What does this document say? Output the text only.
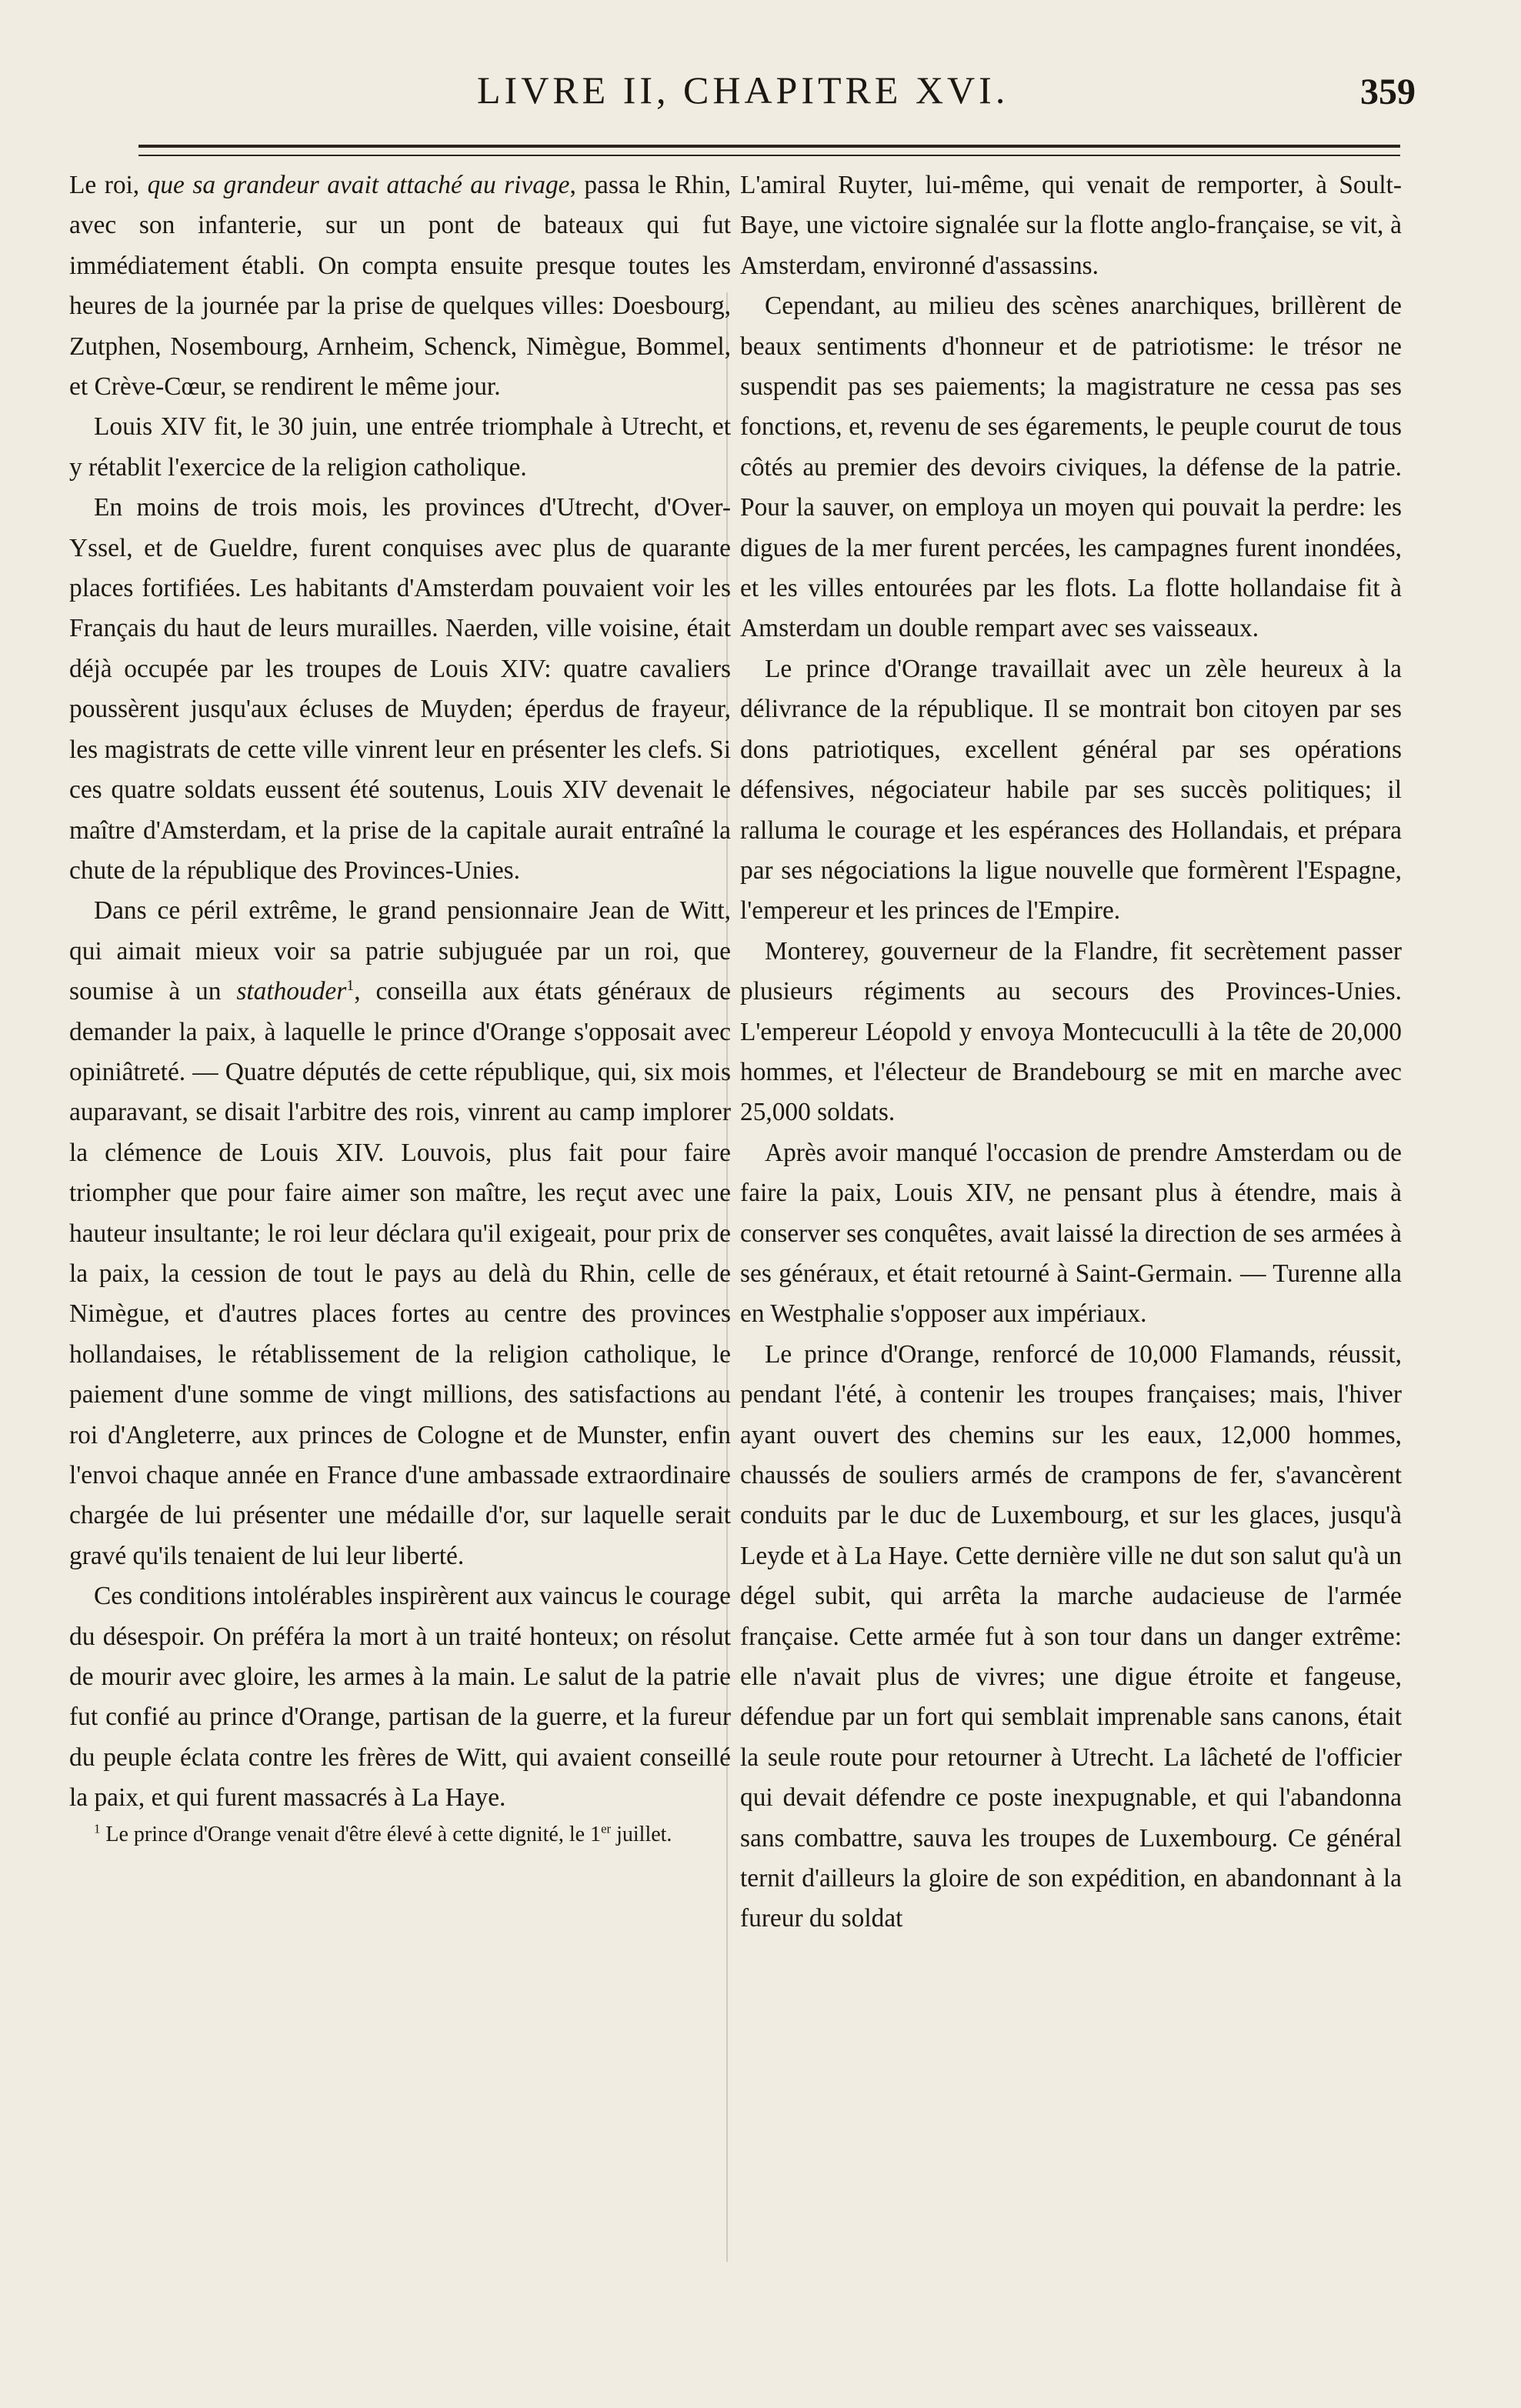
LIVRE II, CHAPITRE XVI.	359

Le roi, que sa grandeur avait attaché au rivage, passa le Rhin, avec son infanterie, sur un pont de bateaux qui fut immédiatement établi. On compta ensuite presque toutes les heures de la journée par la prise de quelques villes: Doesbourg, Zutphen, Nosembourg, Arnheim, Schenck, Nimègue, Bommel, et Crève-Cœur, se rendirent le même jour.

Louis XIV fit, le 30 juin, une entrée triomphale à Utrecht, et y rétablit l'exercice de la religion catholique.

En moins de trois mois, les provinces d'Utrecht, d'Over-Yssel, et de Gueldre, furent conquises avec plus de quarante places fortifiées. Les habitants d'Amsterdam pouvaient voir les Français du haut de leurs murailles. Naerden, ville voisine, était déjà occupée par les troupes de Louis XIV: quatre cavaliers poussèrent jusqu'aux écluses de Muyden; éperdus de frayeur, les magistrats de cette ville vinrent leur en présenter les clefs. Si ces quatre soldats eussent été soutenus, Louis XIV devenait le maître d'Amsterdam, et la prise de la capitale aurait entraîné la chute de la république des Provinces-Unies.

Dans ce péril extrême, le grand pensionnaire Jean de Witt, qui aimait mieux voir sa patrie subjuguée par un roi, que soumise à un stathouder$^1$, conseilla aux états généraux de demander la paix, à laquelle le prince d'Orange s'opposait avec opiniâtreté. — Quatre députés de cette république, qui, six mois auparavant, se disait l'arbitre des rois, vinrent au camp implorer la clémence de Louis XIV. Louvois, plus fait pour faire triompher que pour faire aimer son maître, les reçut avec une hauteur insultante; le roi leur déclara qu'il exigeait, pour prix de la paix, la cession de tout le pays au delà du Rhin, celle de Nimègue, et d'autres places fortes au centre des provinces hollandaises, le rétablissement de la religion catholique, le paiement d'une somme de vingt millions, des satisfactions au roi d'Angleterre, aux princes de Cologne et de Munster, enfin l'envoi chaque année en France d'une ambassade extraordinaire chargée de lui présenter une médaille d'or, sur laquelle serait gravé qu'ils tenaient de lui leur liberté.

Ces conditions intolérables inspirèrent aux vaincus le courage du désespoir. On préféra la mort à un traité honteux; on résolut de mourir avec gloire, les armes à la main. Le salut de la patrie fut confié au prince d'Orange, partisan de la guerre, et la fureur du peuple éclata contre les frères de Witt, qui avaient conseillé la paix, et qui furent massacrés à La Haye.

$^1$ Le prince d'Orange venait d'être élevé à cette dignité, le 1er juillet.

L'amiral Ruyter, lui-même, qui venait de remporter, à Soult-Baye, une victoire signalée sur la flotte anglo-française, se vit, à Amsterdam, environné d'assassins.

Cependant, au milieu des scènes anarchiques, brillèrent de beaux sentiments d'honneur et de patriotisme: le trésor ne suspendit pas ses paiements; la magistrature ne cessa pas ses fonctions, et, revenu de ses égarements, le peuple courut de tous côtés au premier des devoirs civiques, la défense de la patrie. Pour la sauver, on employa un moyen qui pouvait la perdre: les digues de la mer furent percées, les campagnes furent inondées, et les villes entourées par les flots. La flotte hollandaise fit à Amsterdam un double rempart avec ses vaisseaux.

Le prince d'Orange travaillait avec un zèle heureux à la délivrance de la république. Il se montrait bon citoyen par ses dons patriotiques, excellent général par ses opérations défensives, négociateur habile par ses succès politiques; il ralluma le courage et les espérances des Hollandais, et prépara par ses négociations la ligue nouvelle que formèrent l'Espagne, l'empereur et les princes de l'Empire.

Monterey, gouverneur de la Flandre, fit secrètement passer plusieurs régiments au secours des Provinces-Unies. L'empereur Léopold y envoya Montecuculli à la tête de 20,000 hommes, et l'électeur de Brandebourg se mit en marche avec 25,000 soldats.

Après avoir manqué l'occasion de prendre Amsterdam ou de faire la paix, Louis XIV, ne pensant plus à étendre, mais à conserver ses conquêtes, avait laissé la direction de ses armées à ses généraux, et était retourné à Saint-Germain. — Turenne alla en Westphalie s'opposer aux impériaux.

Le prince d'Orange, renforcé de 10,000 Flamands, réussit, pendant l'été, à contenir les troupes françaises; mais, l'hiver ayant ouvert des chemins sur les eaux, 12,000 hommes, chaussés de souliers armés de crampons de fer, s'avancèrent conduits par le duc de Luxembourg, et sur les glaces, jusqu'à Leyde et à La Haye. Cette dernière ville ne dut son salut qu'à un dégel subit, qui arrêta la marche audacieuse de l'armée française. Cette armée fut à son tour dans un danger extrême: elle n'avait plus de vivres; une digue étroite et fangeuse, défendue par un fort qui semblait imprenable sans canons, était la seule route pour retourner à Utrecht. La lâcheté de l'officier qui devait défendre ce poste inexpugnable, et qui l'abandonna sans combattre, sauva les troupes de Luxembourg. Ce général ternit d'ailleurs la gloire de son expédition, en abandonnant à la fureur du soldat
